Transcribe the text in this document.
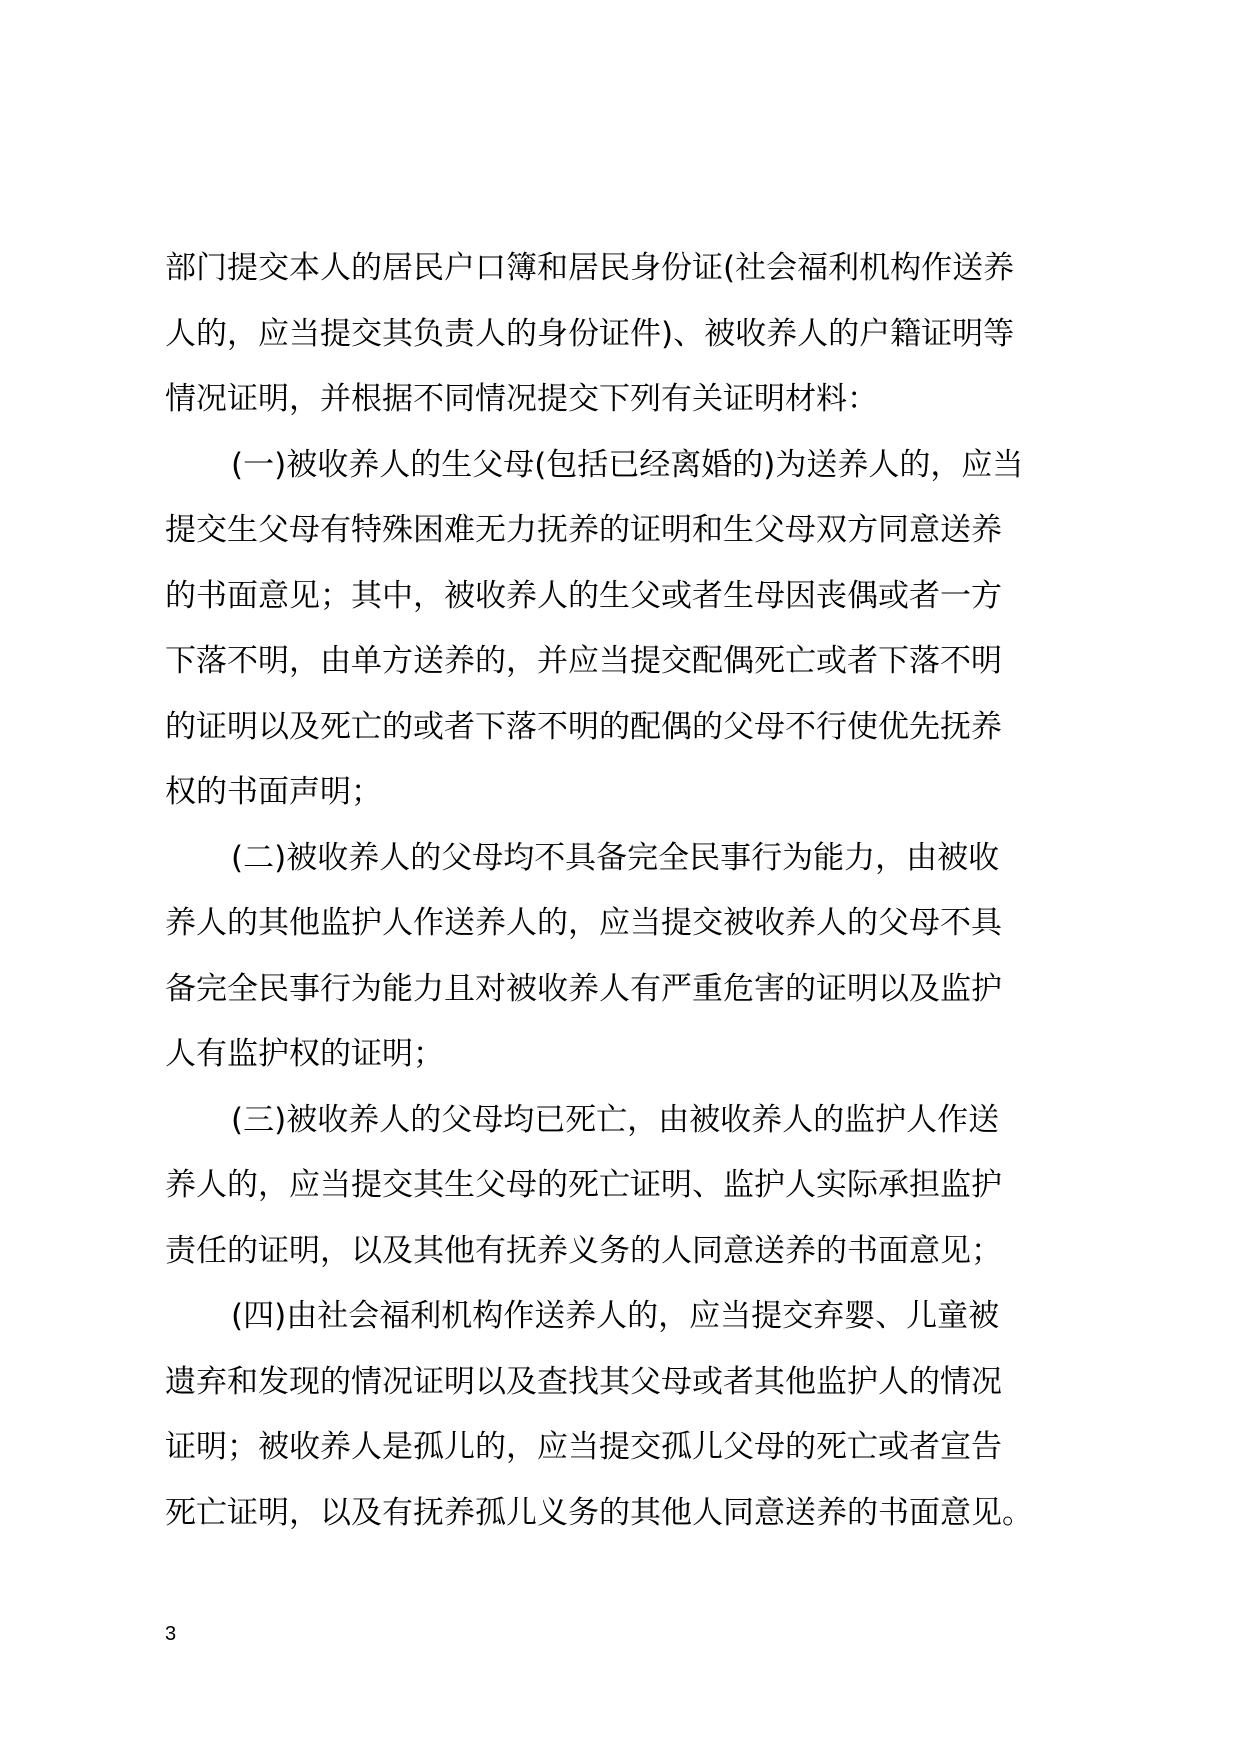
部门提交本人的居民户口簿和居民身份证(社会福利机构作送养
人的，应当提交其负责人的身份证件)、被收养人的户籍证明等
情况证明，并根据不同情况提交下列有关证明材料：
(一)被收养人的生父母(包括已经离婚的)为送养人的，应当
提交生父母有特殊困难无力抚养的证明和生父母双方同意送养
的书面意见；其中，被收养人的生父或者生母因丧偶或者一方
下落不明，由单方送养的，并应当提交配偶死亡或者下落不明
的证明以及死亡的或者下落不明的配偶的父母不行使优先抚养
权的书面声明；
(二)被收养人的父母均不具备完全民事行为能力，由被收
养人的其他监护人作送养人的，应当提交被收养人的父母不具
备完全民事行为能力且对被收养人有严重危害的证明以及监护
人有监护权的证明；
(三)被收养人的父母均已死亡，由被收养人的监护人作送
养人的，应当提交其生父母的死亡证明、监护人实际承担监护
责任的证明，以及其他有抚养义务的人同意送养的书面意见；
(四)由社会福利机构作送养人的，应当提交弃婴、儿童被
遗弃和发现的情况证明以及查找其父母或者其他监护人的情况
证明；被收养人是孤儿的，应当提交孤儿父母的死亡或者宣告
死亡证明，以及有抚养孤儿义务的其他人同意送养的书面意见。
3
